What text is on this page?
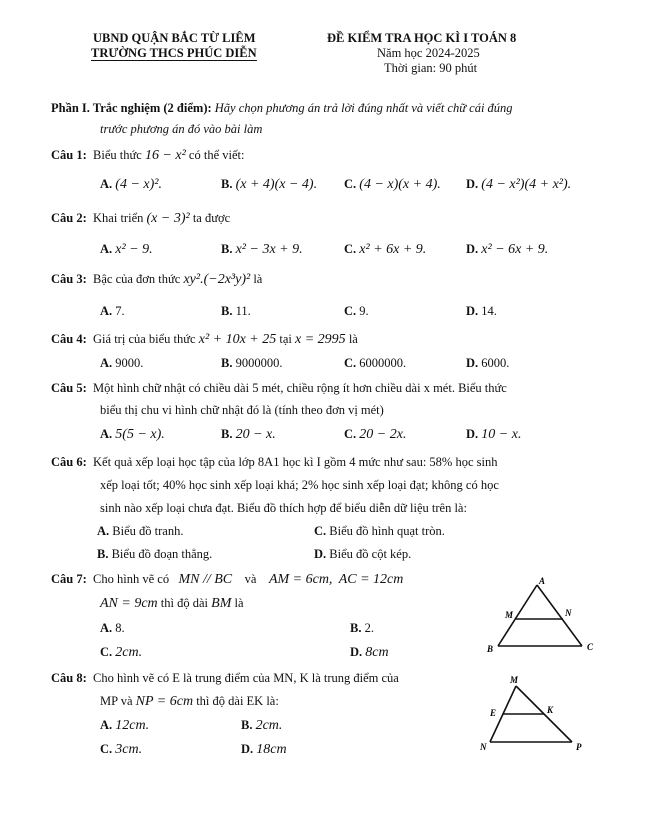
UBND QUẬN BẮC TỪ LIÊM
TRƯỜNG THCS PHÚC DIỄN
ĐỀ KIỂM TRA HỌC KÌ I TOÁN 8
Năm học 2024-2025
Thời gian: 90 phút
Phần I. Trắc nghiệm (2 điểm): Hãy chọn phương án trả lời đúng nhất và viết chữ cái đúng
trước phương án đó vào bài làm
Câu 1: Biểu thức 16 − x² có thể viết:
A. (4 − x)².	B. (x + 4)(x − 4). C. (4 − x)(x + 4). D. (4 − x²)(4 + x²).
Câu 2: Khai triển (x − 3)² ta được
A. x² − 9.	B. x² − 3x + 9.	C. x² + 6x + 9.	D. x² − 6x + 9.
Câu 3: Bậc của đơn thức xy².(−2x³y)² là
A. 7.	B. 11.	C. 9.	D. 14.
Câu 4: Giá trị của biểu thức x² + 10x + 25 tại x = 2995 là
A. 9000.	B. 9000000.	C. 6000000.	D. 6000.
Câu 5: Một hình chữ nhật có chiều dài 5 mét, chiều rộng ít hơn chiều dài x mét. Biểu thức
biểu thị chu vi hình chữ nhật đó là (tính theo đơn vị mét)
A. 5(5 − x).	B. 20 − x.	C. 20 − 2x.	D. 10 − x.
Câu 6: Kết quả xếp loại học tập của lớp 8A1 học kì I gồm 4 mức như sau: 58% học sinh
xếp loại tốt; 40% học sinh xếp loại khá; 2% học sinh xếp loại đạt; không có học
sinh nào xếp loại chưa đạt. Biểu đồ thích hợp để biểu diễn dữ liệu trên là:
A. Biểu đồ tranh.	C. Biểu đồ hình quạt tròn.
B. Biểu đồ đoạn thẳng.	D. Biểu đồ cột kép.
Câu 7: Cho hình vẽ có MN // BC và AM = 6cm, AC = 12cm
AN = 9cm thì độ dài BM là
A. 8.	B. 2.
C. 2cm.	D. 8cm
A
M	N
B	C
Câu 8: Cho hình vẽ có E là trung điểm của MN, K là trung điểm của
MP và NP = 6cm thì độ dài EK là:
A. 12cm.	B. 2cm.
C. 3cm.	D. 18cm
M
E	K
N	P
